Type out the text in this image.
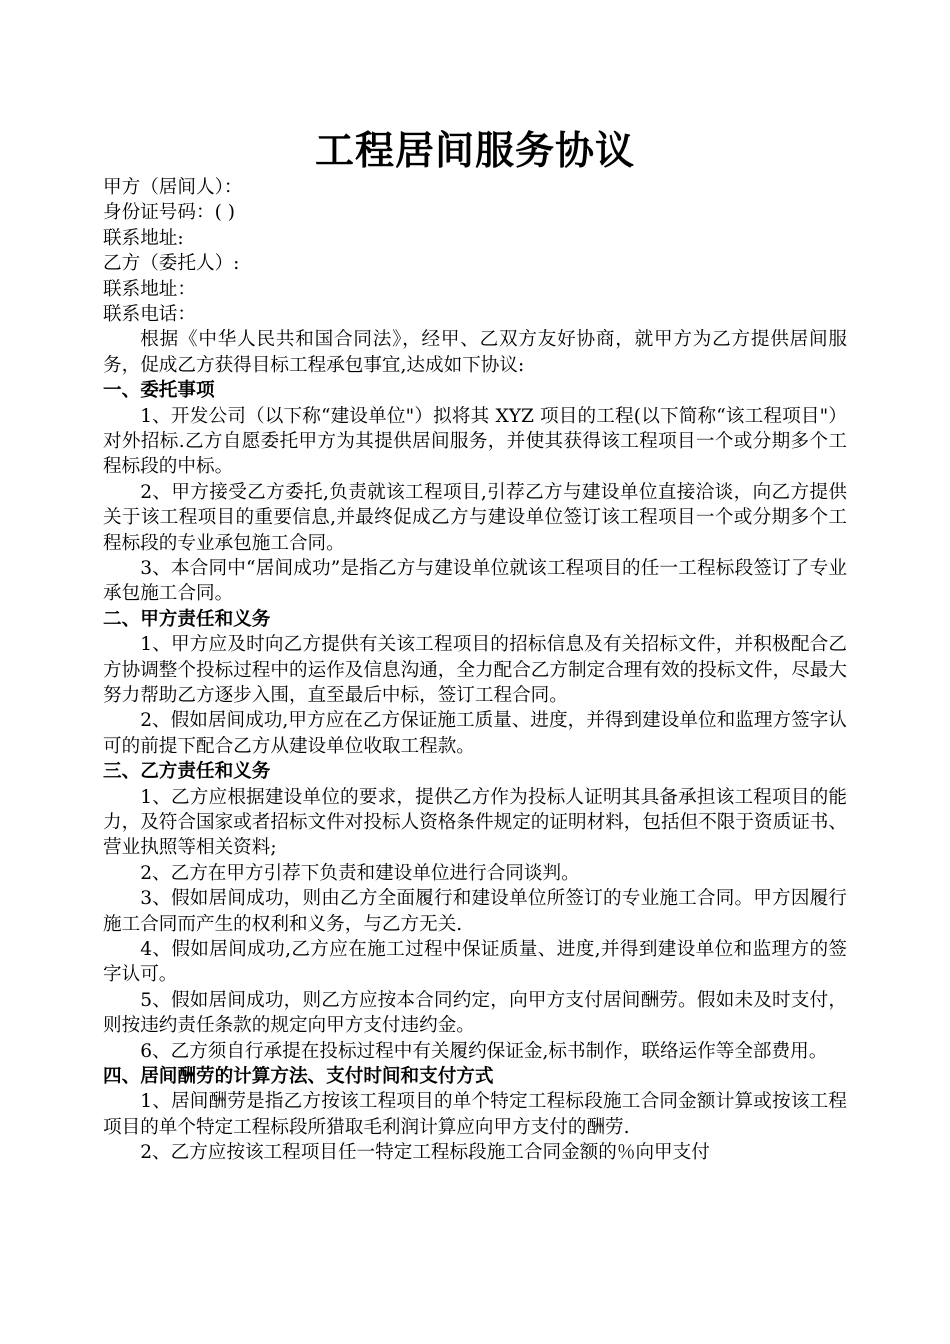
工程居间服务协议
甲方（居间人）：
身份证号码：( )
联系地址:
乙方（委托人）:
联系地址：
联系电话：
根据《中华人民共和国合同法》，经甲、乙双方友好协商，就甲方为乙方提供居间服务，促成乙方获得目标工程承包事宜,达成如下协议:
一、委托事项
1、开发公司（以下称“建设单位"）拟将其 XYZ 项目的工程(以下简称“该工程项目"）对外招标.乙方自愿委托甲方为其提供居间服务，并使其获得该工程项目一个或分期多个工程标段的中标。
2、甲方接受乙方委托,负责就该工程项目,引荐乙方与建设单位直接洽谈，向乙方提供关于该工程项目的重要信息,并最终促成乙方与建设单位签订该工程项目一个或分期多个工程标段的专业承包施工合同。
3、本合同中“居间成功”是指乙方与建设单位就该工程项目的任一工程标段签订了专业承包施工合同。
二、甲方责任和义务
1、甲方应及时向乙方提供有关该工程项目的招标信息及有关招标文件，并积极配合乙方协调整个投标过程中的运作及信息沟通，全力配合乙方制定合理有效的投标文件，尽最大努力帮助乙方逐步入围，直至最后中标，签订工程合同。
2、假如居间成功,甲方应在乙方保证施工质量、进度，并得到建设单位和监理方签字认可的前提下配合乙方从建设单位收取工程款。
三、乙方责任和义务
1、乙方应根据建设单位的要求，提供乙方作为投标人证明其具备承担该工程项目的能力，及符合国家或者招标文件对投标人资格条件规定的证明材料，包括但不限于资质证书、营业执照等相关资料;
2、乙方在甲方引荐下负责和建设单位进行合同谈判。
3、假如居间成功，则由乙方全面履行和建设单位所签订的专业施工合同。甲方因履行施工合同而产生的权利和义务，与乙方无关.
4、假如居间成功,乙方应在施工过程中保证质量、进度,并得到建设单位和监理方的签字认可。
5、假如居间成功，则乙方应按本合同约定，向甲方支付居间酬劳。假如未及时支付，则按违约责任条款的规定向甲方支付违约金。
6、乙方须自行承提在投标过程中有关履约保证金,标书制作，联络运作等全部费用。
四、居间酬劳的计算方法、支付时间和支付方式
1、居间酬劳是指乙方按该工程项目的单个特定工程标段施工合同金额计算或按该工程项目的单个特定工程标段所猎取毛利润计算应向甲方支付的酬劳.
2、乙方应按该工程项目任一特定工程标段施工合同金额的％向甲支付
